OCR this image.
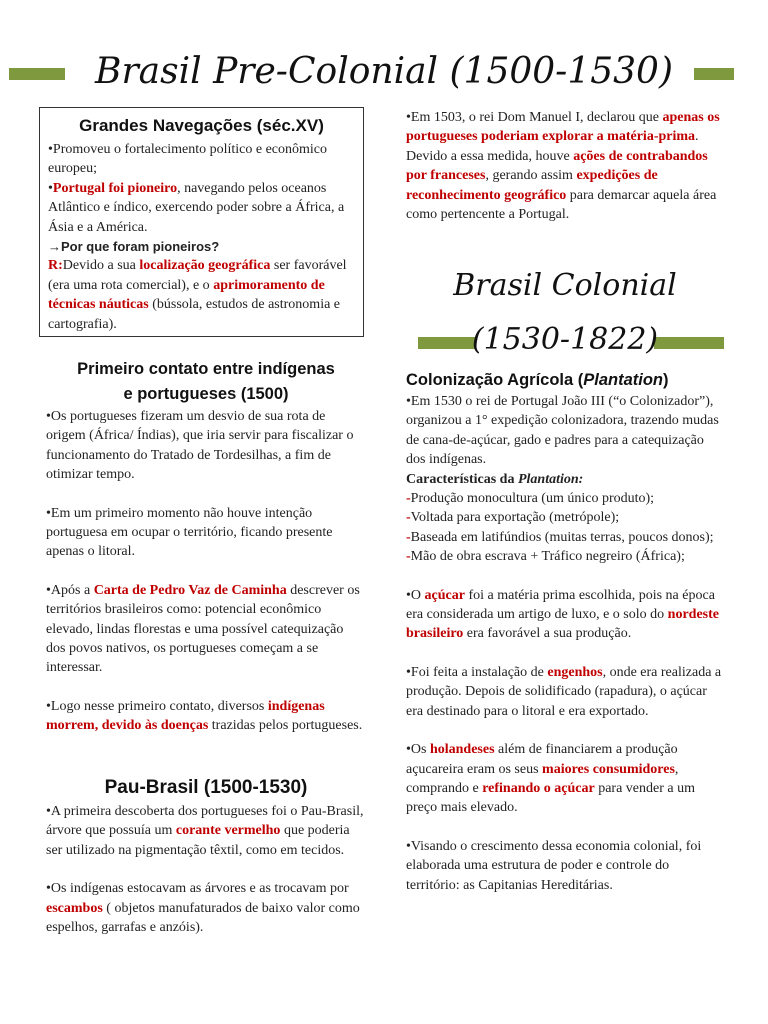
Brasil Pre-Colonial (1500-1530)
Grandes Navegações (séc.XV)

•Promoveu o fortalecimento político e econômico europeu;

•Portugal foi pioneiro, navegando pelos oceanos Atlântico e índico, exercendo poder sobre a África, a Ásia e a América.

→Por que foram pioneiros?

R:Devido a sua localização geográfica ser favorável (era uma rota comercial), e o aprimoramento de técnicas náuticas (bússola, estudos de astronomia e cartografia).

Primeiro contato entre indígenas
e portugueses (1500)

•Os portugueses fizeram um desvio de sua rota de origem (África/ Índias), que iria servir para fiscalizar o funcionamento do Tratado de Tordesilhas, a fim de otimizar tempo.

•Em um primeiro momento não houve intenção portuguesa em ocupar o território, ficando presente apenas o litoral.

•Após a Carta de Pedro Vaz de Caminha descrever os territórios brasileiros como: potencial econômico elevado, lindas florestas e uma possível catequização dos povos nativos, os portugueses começam a se interessar.

•Logo nesse primeiro contato, diversos indígenas morrem, devido às doenças trazidas pelos portugueses.

Pau-Brasil (1500-1530)

•A primeira descoberta dos portugueses foi o Pau-Brasil, árvore que possuía um corante vermelho que poderia ser utilizado na pigmentação têxtil, como em tecidos.

•Os indígenas estocavam as árvores e as trocavam por escambos ( objetos manufaturados de baixo valor como espelhos, garrafas e anzóis).

•Em 1503, o rei Dom Manuel I, declarou que apenas os portugueses poderiam explorar a matéria-prima. Devido a essa medida, houve ações de contrabandos por franceses, gerando assim expedições de reconhecimento geográfico para demarcar aquela área como pertencente a Portugal.

Brasil Colonial
(1530-1822)
Colonização Agrícola (Plantation)

•Em 1530 o rei de Portugal João III (“o Colonizador”), organizou a 1° expedição colonizadora, trazendo mudas de cana-de-açúcar, gado e padres para a catequização dos indígenas.

Características da Plantation:

-Produção monocultura (um único produto);

-Voltada para exportação (metrópole);

-Baseada em latifúndios (muitas terras, poucos donos);

-Mão de obra escrava + Tráfico negreiro (África);

•O açúcar foi a matéria prima escolhida, pois na época era considerada um artigo de luxo, e o solo do nordeste brasileiro era favorável a sua produção.

•Foi feita a instalação de engenhos, onde era realizada a produção. Depois de solidificado (rapadura), o açúcar era destinado para o litoral e era exportado.

•Os holandeses além de financiarem a produção açucareira eram os seus maiores consumidores, comprando e refinando o açúcar para vender a um preço mais elevado.

•Visando o crescimento dessa economia colonial, foi elaborada uma estrutura de poder e controle do território: as Capitanias Hereditárias.
